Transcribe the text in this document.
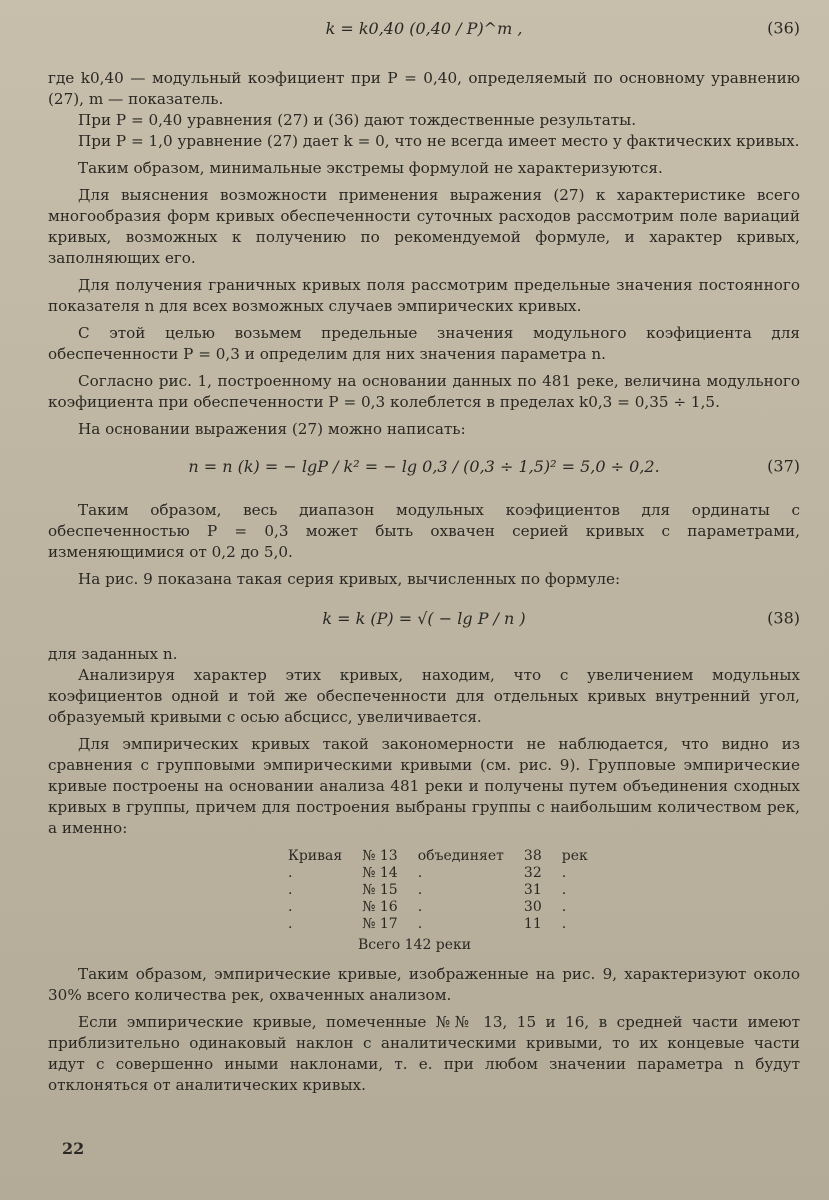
k = k0,40 (0,40 / P)^m ,	(36)

где k0,40 — модульный коэфициент при P = 0,40, определяемый по основному уравнению (27), m — показатель.

При P = 0,40 уравнения (27) и (36) дают тождественные результаты.

При P = 1,0 уравнение (27) дает k = 0, что не всегда имеет место у фактических кривых.

Таким образом, минимальные экстремы формулой не характеризуются.

Для выяснения возможности применения выражения (27) к характеристике всего многообразия форм кривых обеспеченности суточных расходов рассмотрим поле вариаций кривых, возможных к получению по рекомендуемой формуле, и характер кривых, заполняющих его.

Для получения граничных кривых поля рассмотрим предельные значения постоянного показателя n для всех возможных случаев эмпирических кривых.

С этой целью возьмем предельные значения модульного коэфициента для обеспеченности P = 0,3 и определим для них значения параметра n.

Согласно рис. 1, построенному на основании данных по 481 реке, величина модульного коэфициента при обеспеченности P = 0,3 колеблется в пределах k0,3 = 0,35 ÷ 1,5.

На основании выражения (27) можно написать:

n = n (k) = − lgP / k² = − lg 0,3 / (0,3 ÷ 1,5)² = 5,0 ÷ 0,2.	(37)

Таким образом, весь диапазон модульных коэфициентов для ординаты с обеспеченностью P = 0,3 может быть охвачен серией кривых с параметрами, изменяющимися от 0,2 до 5,0.

На рис. 9 показана такая серия кривых, вычисленных по формуле:

k = k (P) = √( − lg P / n )	(38)

для заданных n.

Анализируя характер этих кривых, находим, что с увеличением модульных коэфициентов одной и той же обеспеченности для отдельных кривых внутренний угол, образуемый кривыми с осью абсцисс, увеличивается.

Для эмпирических кривых такой закономерности не наблюдается, что видно из сравнения с групповыми эмпирическими кривыми (см. рис. 9). Групповые эмпирические кривые построены на основании анализа 481 реки и получены путем объединения сходных кривых в группы, причем для построения выбраны группы с наибольшим количеством рек, а именно:

Кривая	№ 13	объединяет	38	рек
.	№ 14	.	32	.
.	№ 15	.	31	.
.	№ 16	.	30	.
.	№ 17	.	11	.
Всего 142 реки

Таким образом, эмпирические кривые, изображенные на рис. 9, характеризуют около 30% всего количества рек, охваченных анализом.

Если эмпирические кривые, помеченные №№ 13, 15 и 16, в средней части имеют приблизительно одинаковый наклон с аналитическими кривыми, то их концевые части идут с совершенно иными наклонами, т. е. при любом значении параметра n будут отклоняться от аналитических кривых.

22
